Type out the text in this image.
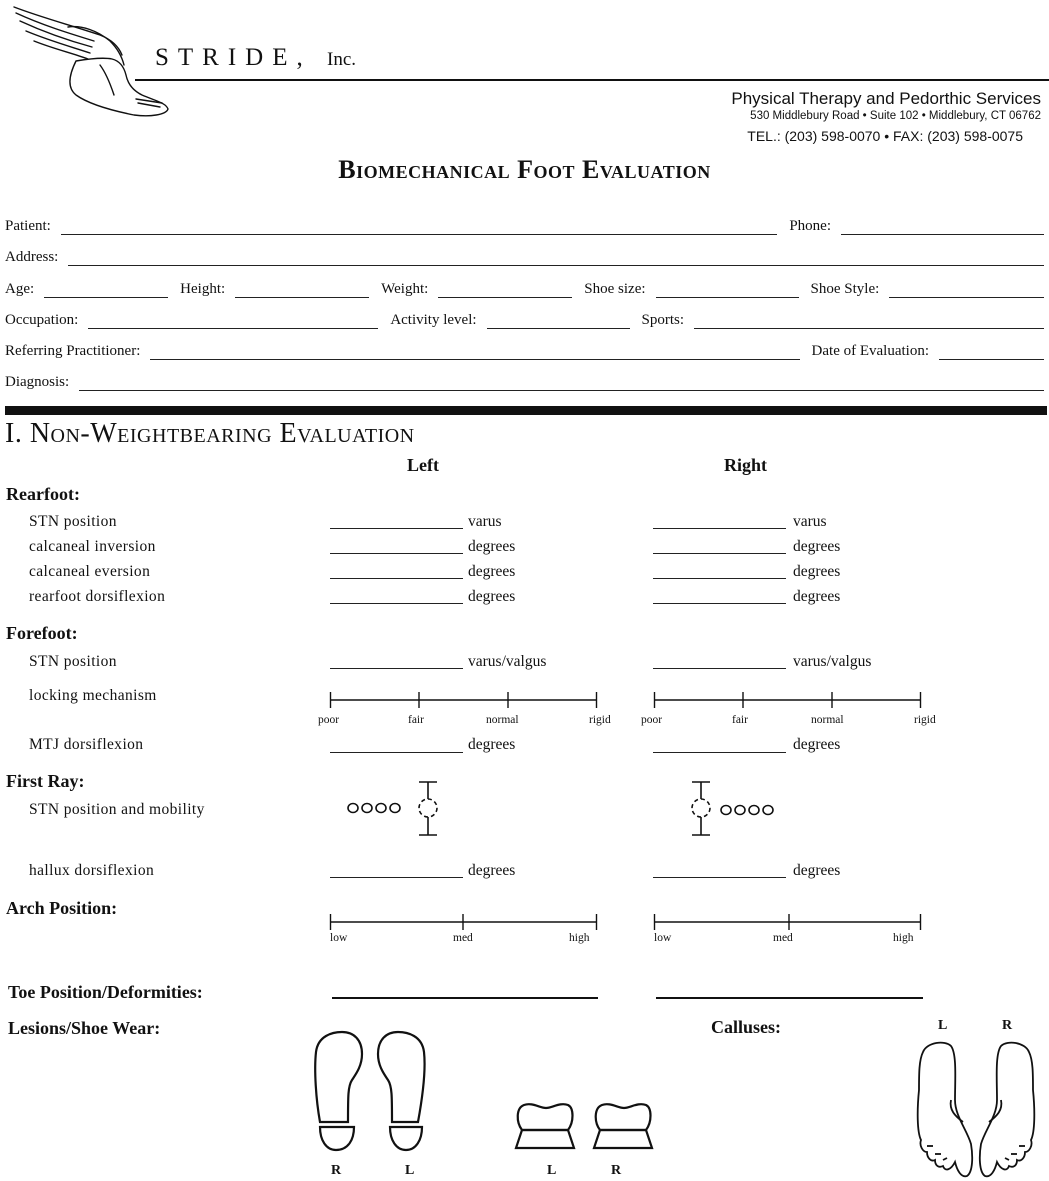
STRIDE, Inc.
Physical Therapy and Pedorthic Services
530 Middlebury Road • Suite 102 • Middlebury, CT 06762
TEL.: (203) 598-0070 • FAX: (203) 598-0075
Biomechanical Foot Evaluation
Patient:	Phone:
Address:
Age:	Height:	Weight:	Shoe size:	Shoe Style:
Occupation:	Activity level:	Sports:
Referring Practitioner:	Date of Evaluation:
Diagnosis:
I. Non-Weightbearing Evaluation
Left	Right
Rearfoot:
STN position	varus	varus
calcaneal inversion	degrees	degrees
calcaneal eversion	degrees	degrees
rearfoot dorsiflexion	degrees	degrees
Forefoot:
STN position	varus/valgus	varus/valgus
locking mechanism
poor	fair	normal	rigid	poor	fair	normal	rigid
MTJ dorsiflexion	degrees	degrees
First Ray:
STN position and mobility
hallux dorsiflexion	degrees	degrees
Arch Position:
low	med	high	low	med	high
Toe Position/Deformities:
Lesions/Shoe Wear:
R	L	L	R
Calluses:	L	R
